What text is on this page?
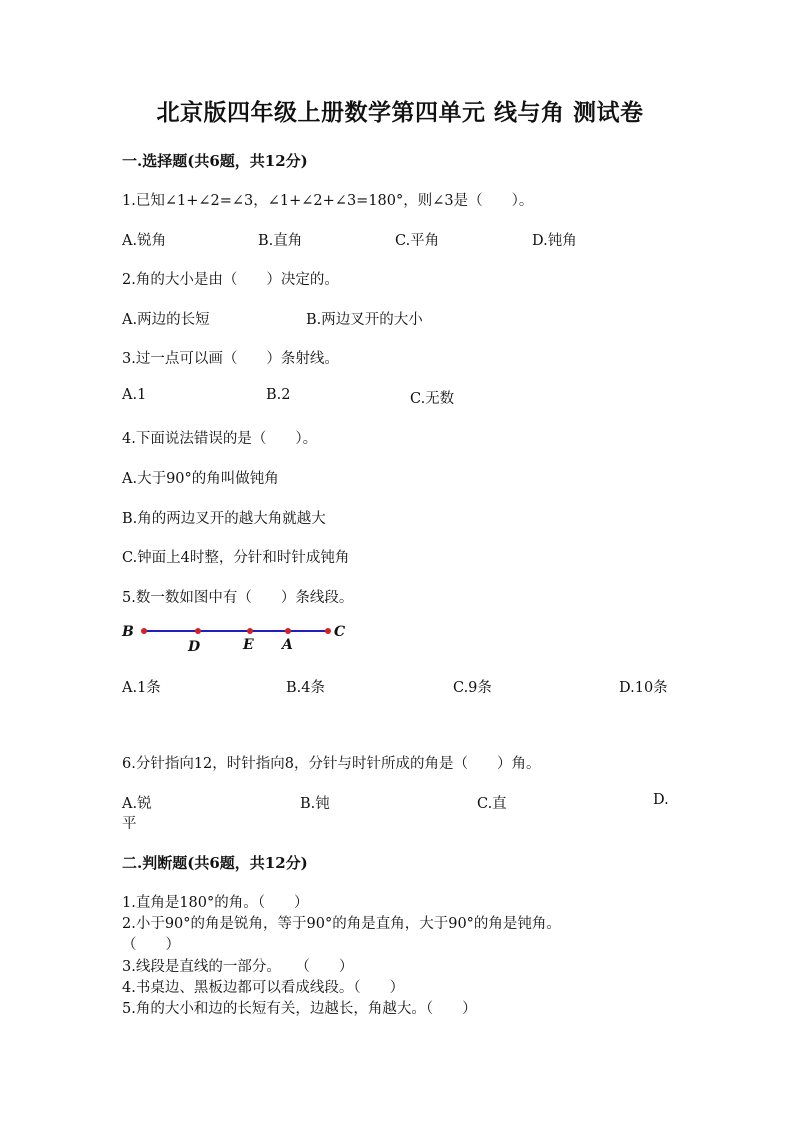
北京版四年级上册数学第四单元 线与角 测试卷
一.选择题(共6题，共12分)
1.已知∠1+∠2=∠3，∠1+∠2+∠3=180°，则∠3是（　　）。
A.锐角	B.直角	C.平角	D.钝角
2.角的大小是由（　　）决定的。
A.两边的长短	B.两边叉开的大小
3.过一点可以画（　　）条射线。
A.1	B.2	C.无数
4.下面说法错误的是（　　）。
A.大于90°的角叫做钝角
B.角的两边叉开的越大角就越大
C.钟面上4时整，分针和时针成钝角
5.数一数如图中有（　　）条线段。
B
D	E A
C
A.1条	B.4条	C.9条	D.10条
6.分针指向12，时针指向8，分针与时针所成的角是（　　）角。
A.锐	B.钝	C.直	D.
平
二.判断题(共6题，共12分)
1.直角是180°的角。（　　）
2.小于90°的角是锐角，等于90°的角是直角，大于90°的角是钝角。
（　　）
3.线段是直线的一部分。　　（　　）
4.书桌边、黑板边都可以看成线段。（　　）
5.角的大小和边的长短有关，边越长，角越大。（　　）
